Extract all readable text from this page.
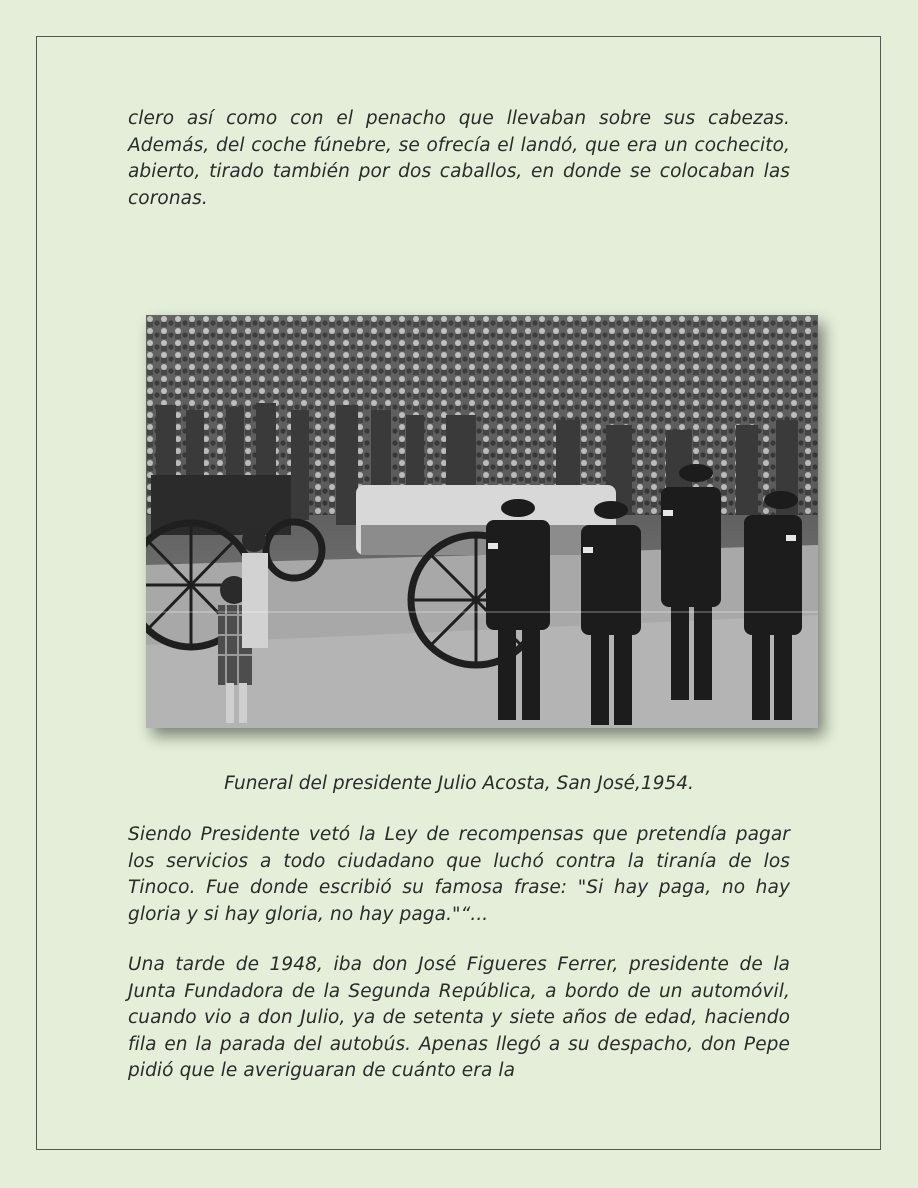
clero así como con el penacho que llevaban sobre sus cabezas. Además, del coche fúnebre, se ofrecía el landó, que era un cochecito, abierto, tirado también por dos caballos, en donde se colocaban las coronas.

Funeral del presidente Julio Acosta, San José,1954.

Siendo Presidente vetó la Ley de recompensas que pretendía pagar los servicios a todo ciudadano que luchó contra la tiranía de los Tinoco. Fue donde escribió su famosa frase: "Si hay paga, no hay gloria y si hay gloria, no hay paga."“...

Una tarde de 1948, iba don José Figueres Ferrer, presidente de la Junta Fundadora de la Segunda República, a bordo de un automóvil, cuando vio a don Julio, ya de setenta y siete años de edad, haciendo fila en la parada del autobús. Apenas llegó a su despacho, don Pepe pidió que le averiguaran de cuánto era la
